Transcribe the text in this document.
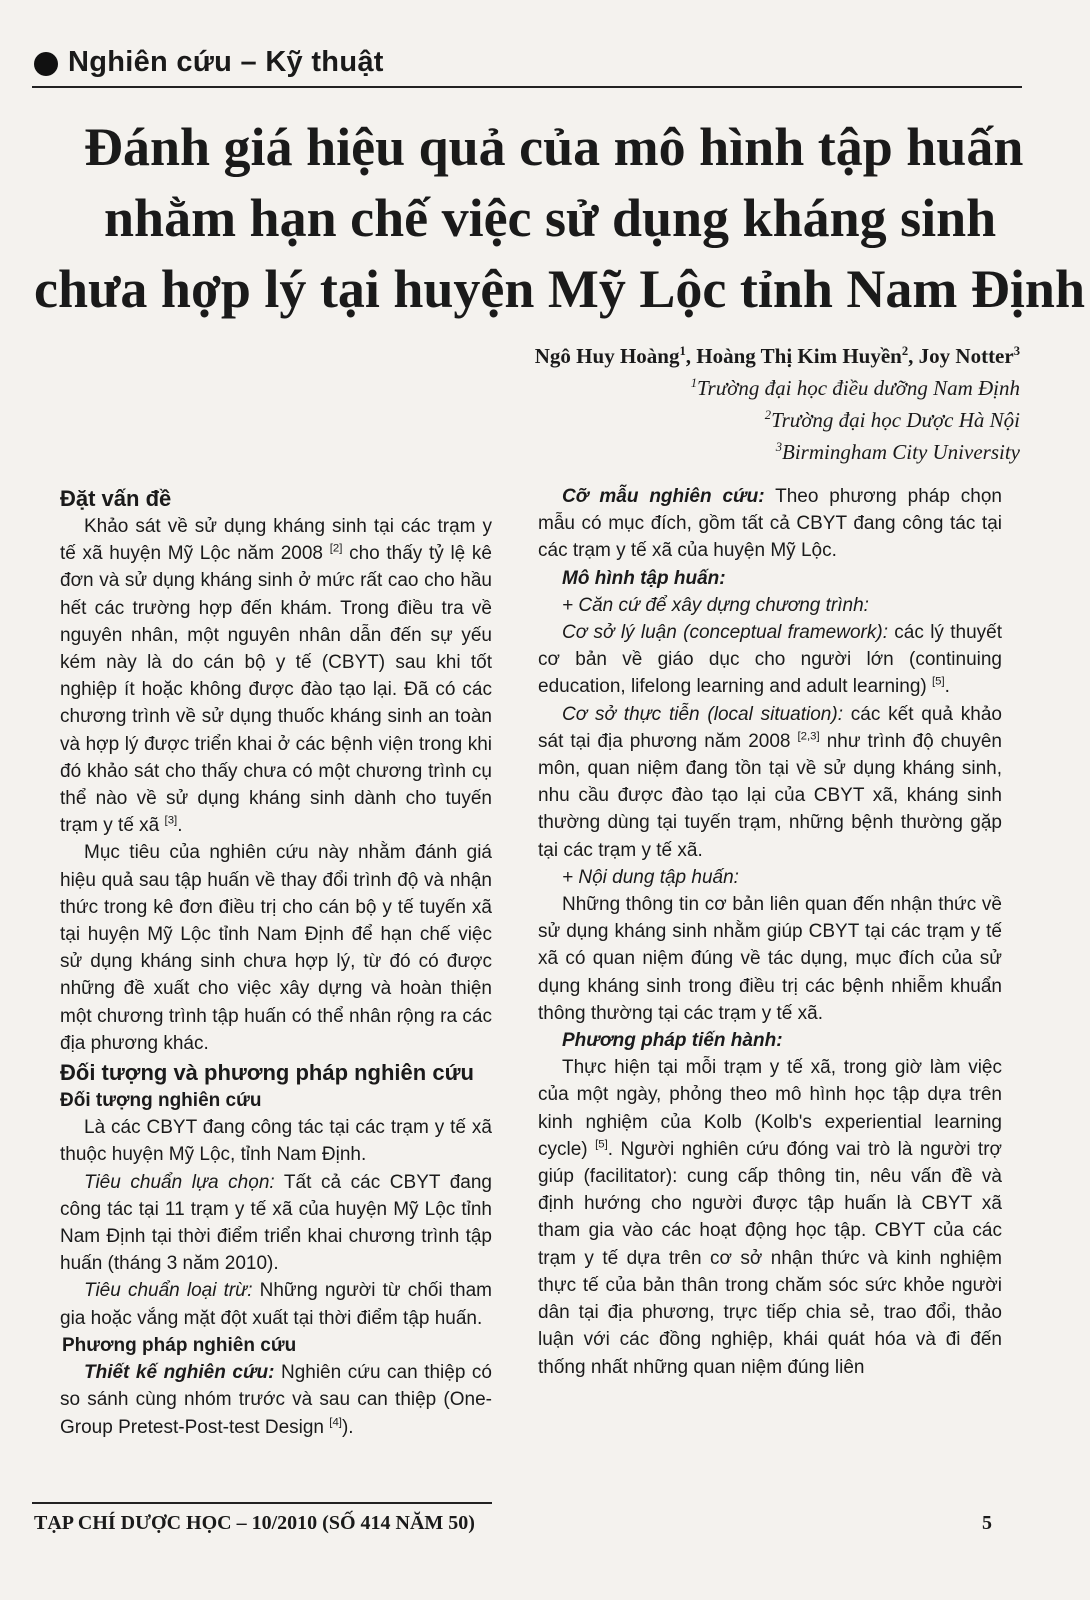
Nghiên cứu – Kỹ thuật
Đánh giá hiệu quả của mô hình tập huấn
nhằm hạn chế việc sử dụng kháng sinh
chưa hợp lý tại huyện Mỹ Lộc tỉnh Nam Định
Ngô Huy Hoàng$^1$, Hoàng Thị Kim Huyền$^2$, Joy Notter$^3$
$^1$Trường đại học điều dưỡng Nam Định
$^2$Trường đại học Dược Hà Nội
$^3$Birmingham City University
Đặt vấn đề

Khảo sát về sử dụng kháng sinh tại các trạm y tế xã huyện Mỹ Lộc năm 2008 [2] cho thấy tỷ lệ kê đơn và sử dụng kháng sinh ở mức rất cao cho hầu hết các trường hợp đến khám. Trong điều tra về nguyên nhân, một nguyên nhân dẫn đến sự yếu kém này là do cán bộ y tế (CBYT) sau khi tốt nghiệp ít hoặc không được đào tạo lại. Đã có các chương trình về sử dụng thuốc kháng sinh an toàn và hợp lý được triển khai ở các bệnh viện trong khi đó khảo sát cho thấy chưa có một chương trình cụ thể nào về sử dụng kháng sinh dành cho tuyến trạm y tế xã [3].

Mục tiêu của nghiên cứu này nhằm đánh giá hiệu quả sau tập huấn về thay đổi trình độ và nhận thức trong kê đơn điều trị cho cán bộ y tế tuyến xã tại huyện Mỹ Lộc tỉnh Nam Định để hạn chế việc sử dụng kháng sinh chưa hợp lý, từ đó có được những đề xuất cho việc xây dựng và hoàn thiện một chương trình tập huấn có thể nhân rộng ra các địa phương khác.

Đối tượng và phương pháp nghiên cứu
Đối tượng nghiên cứu

Là các CBYT đang công tác tại các trạm y tế xã thuộc huyện Mỹ Lộc, tỉnh Nam Định.

Tiêu chuẩn lựa chọn: Tất cả các CBYT đang công tác tại 11 trạm y tế xã của huyện Mỹ Lộc tỉnh Nam Định tại thời điểm triển khai chương trình tập huấn (tháng 3 năm 2010).

Tiêu chuẩn loại trừ: Những người từ chối tham gia hoặc vắng mặt đột xuất tại thời điểm tập huấn.

Phương pháp nghiên cứu

Thiết kế nghiên cứu: Nghiên cứu can thiệp có so sánh cùng nhóm trước và sau can thiệp (One-Group Pretest-Post-test Design [4]).

Cỡ mẫu nghiên cứu: Theo phương pháp chọn mẫu có mục đích, gồm tất cả CBYT đang công tác tại các trạm y tế xã của huyện Mỹ Lộc.

Mô hình tập huấn:
+ Căn cứ để xây dựng chương trình:

Cơ sở lý luận (conceptual framework): các lý thuyết cơ bản về giáo dục cho người lớn (continuing education, lifelong learning and adult learning) [5].

Cơ sở thực tiễn (local situation): các kết quả khảo sát tại địa phương năm 2008 [2,3] như trình độ chuyên môn, quan niệm đang tồn tại về sử dụng kháng sinh, nhu cầu được đào tạo lại của CBYT xã, kháng sinh thường dùng tại tuyến trạm, những bệnh thường gặp tại các trạm y tế xã.

+ Nội dung tập huấn:

Những thông tin cơ bản liên quan đến nhận thức về sử dụng kháng sinh nhằm giúp CBYT tại các trạm y tế xã có quan niệm đúng về tác dụng, mục đích của sử dụng kháng sinh trong điều trị các bệnh nhiễm khuẩn thông thường tại các trạm y tế xã.

Phương pháp tiến hành:

Thực hiện tại mỗi trạm y tế xã, trong giờ làm việc của một ngày, phỏng theo mô hình học tập dựa trên kinh nghiệm của Kolb (Kolb's experiential learning cycle) [5]. Người nghiên cứu đóng vai trò là người trợ giúp (facilitator): cung cấp thông tin, nêu vấn đề và định hướng cho người được tập huấn là CBYT xã tham gia vào các hoạt động học tập. CBYT của các trạm y tế dựa trên cơ sở nhận thức và kinh nghiệm thực tế của bản thân trong chăm sóc sức khỏe người dân tại địa phương, trực tiếp chia sẻ, trao đổi, thảo luận với các đồng nghiệp, khái quát hóa và đi đến thống nhất những quan niệm đúng liên

TẠP CHÍ DƯỢC HỌC – 10/2010 (SỐ 414 NĂM 50)	5
